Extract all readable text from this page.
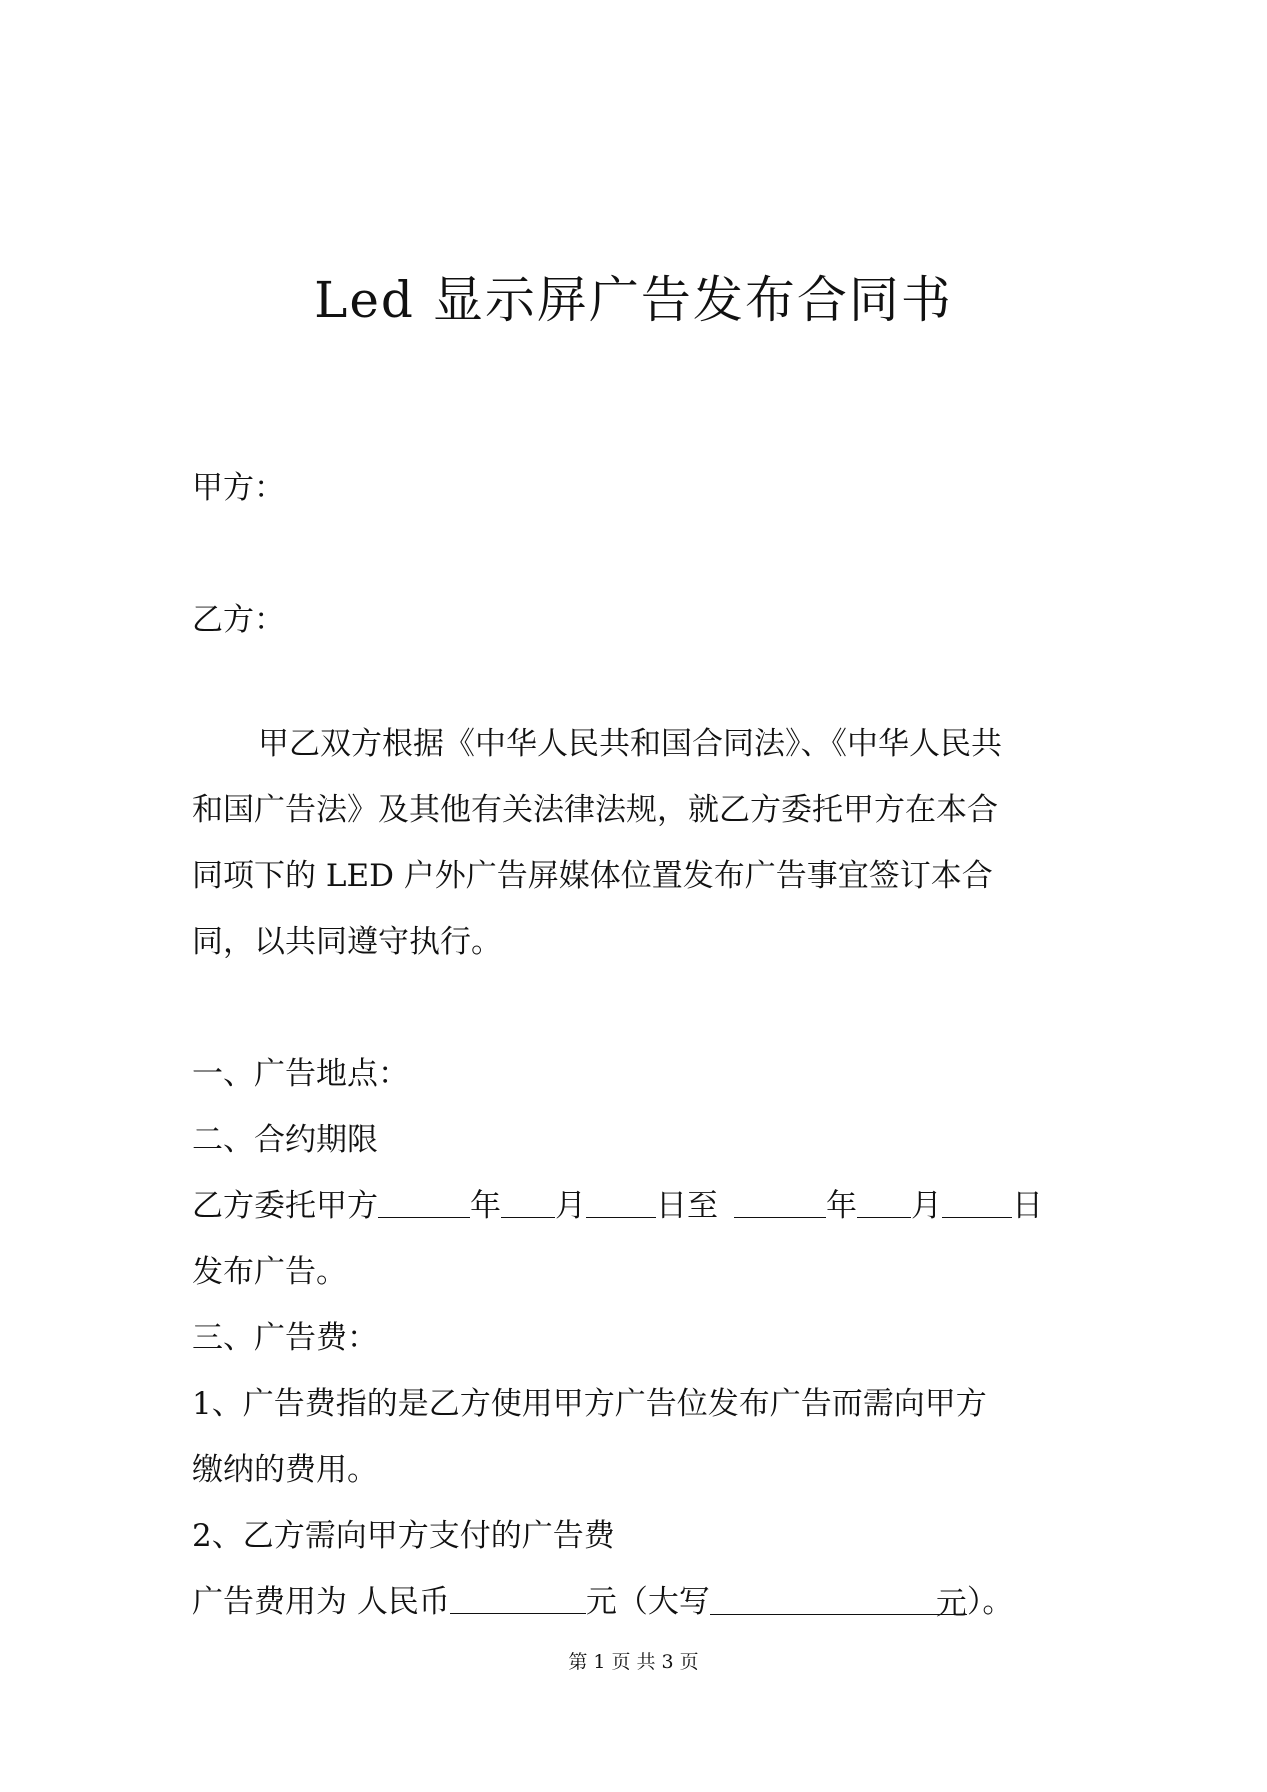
Led 显示屏广告发布合同书
甲方：
乙方：
甲乙双方根据《中华人民共和国合同法》、《中华人民共
和国广告法》及其他有关法律法规，就乙方委托甲方在本合
同项下的 LED 户外广告屏媒体位置发布广告事宜签订本合
同，以共同遵守执行。
一、广告地点：
二、合约期限
乙方委托甲方	年 月 日至	年 月 日
发布广告。
三、广告费：
1、广告费指的是乙方使用甲方广告位发布广告而需向甲方
缴纳的费用。
2、乙方需向甲方支付的广告费
广告费用为 人民币	元（大写	元）。
第 1 页 共 3 页
